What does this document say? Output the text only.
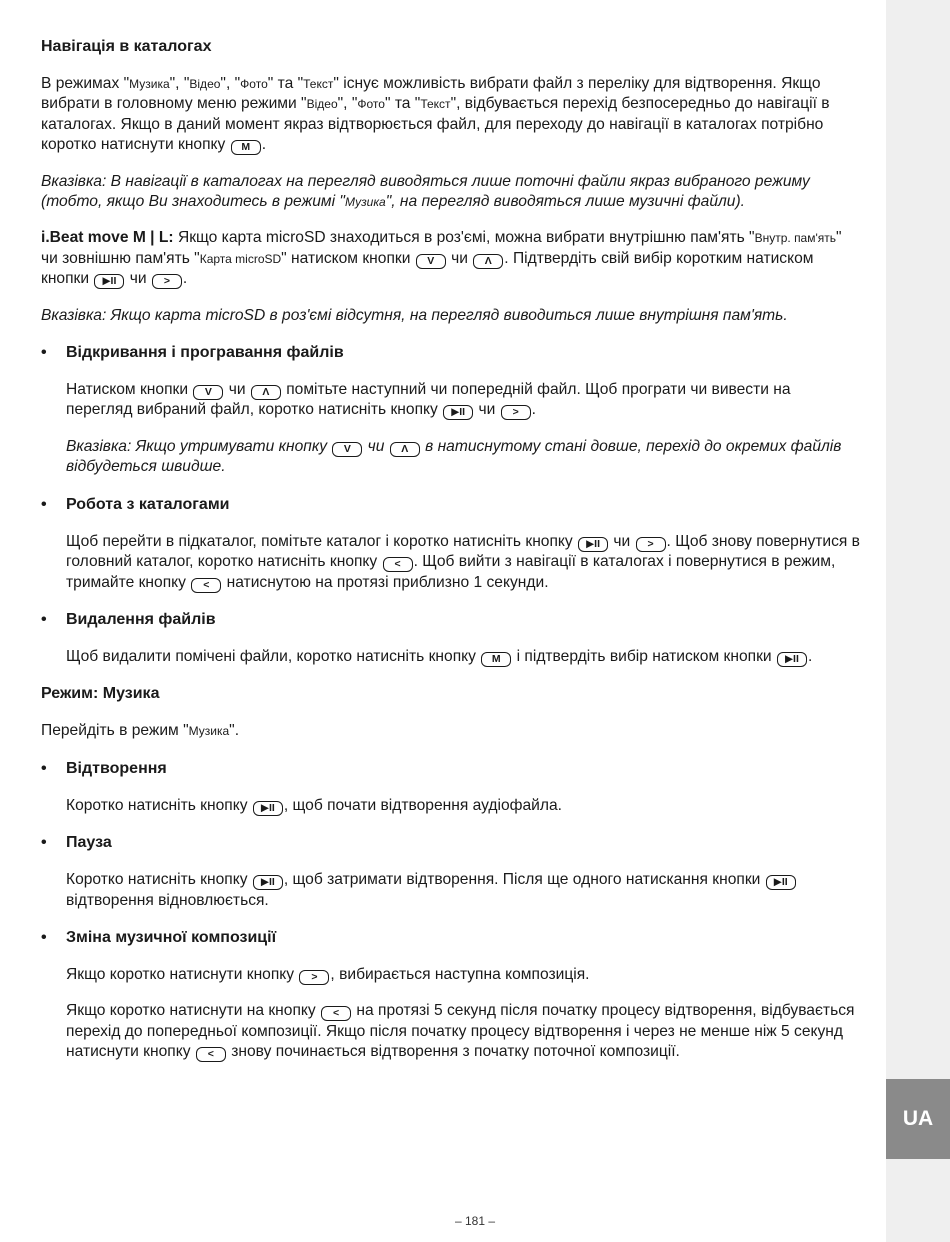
UA
Навігація в каталогах

В режимах "Музика", "Відео", "Фото" та "Текст" існує можливість вибрати файл з переліку для відтворення. Якщо вибрати в головному меню режими "Відео", "Фото" та "Текст", відбувається перехід безпосередньо до навігації в каталогах. Якщо в даний момент якраз відтворюється файл, для переходу до навігації в каталогах потрібно коротко натиснути кнопку M .

Вказівка: В навігації в каталогах на перегляд виводяться лише поточні файли якраз вибраного режиму (тобто, якщо Ви знаходитесь в режимі "Музика", на перегляд виводяться лише музичні файли).

i.Beat move M | L: Якщо карта microSD знаходиться в роз'ємі, можна вибрати внутрішню пам'ять "Внутр. пам'ять" чи зовнішню пам'ять "Карта microSD" натиском кнопки V чи Λ . Підтвердіть свій вибір коротким натиском кнопки ▶II чи > .

Вказівка: Якщо карта microSD в роз'ємі відсутня, на перегляд виводиться лише внутрішня пам'ять.

• Відкривання і програвання файлів

Натиском кнопки V чи Λ помітьте наступний чи попередній файл. Щоб програти чи вивести на перегляд вибраний файл, коротко натисніть кнопку ▶II чи > .

Вказівка: Якщо утримувати кнопку V чи Λ в натиснутому стані довше, перехід до окремих файлів відбудеться швидше.

• Робота з каталогами

Щоб перейти в підкаталог, помітьте каталог і коротко натисніть кнопку ▶II чи > . Щоб знову повернутися в головний каталог, коротко натисніть кнопку < . Щоб вийти з навігації в каталогах і повернутися в режим, тримайте кнопку < натиснутою на протязі приблизно 1 секунди.

• Видалення файлів

Щоб видалити помічені файли, коротко натисніть кнопку M і підтвердіть вибір натиском кнопки ▶II .

Режим: Музика

Перейдіть в режим "Музика".

• Відтворення

Коротко натисніть кнопку ▶II , щоб почати відтворення аудіофайла.

• Пауза

Коротко натисніть кнопку ▶II , щоб затримати відтворення. Після ще одного натискання кнопки ▶II відтворення відновлюється.

• Зміна музичної композиції

Якщо коротко натиснути кнопку > , вибирається наступна композиція.

Якщо коротко натиснути на кнопку < на протязі 5 секунд після початку процесу відтворення, відбувається перехід до попередньої композиції. Якщо після початку процесу відтворення і через не менше ніж 5 секунд натиснути кнопку < знову починається відтворення з початку поточної композиції.

– 181 –
